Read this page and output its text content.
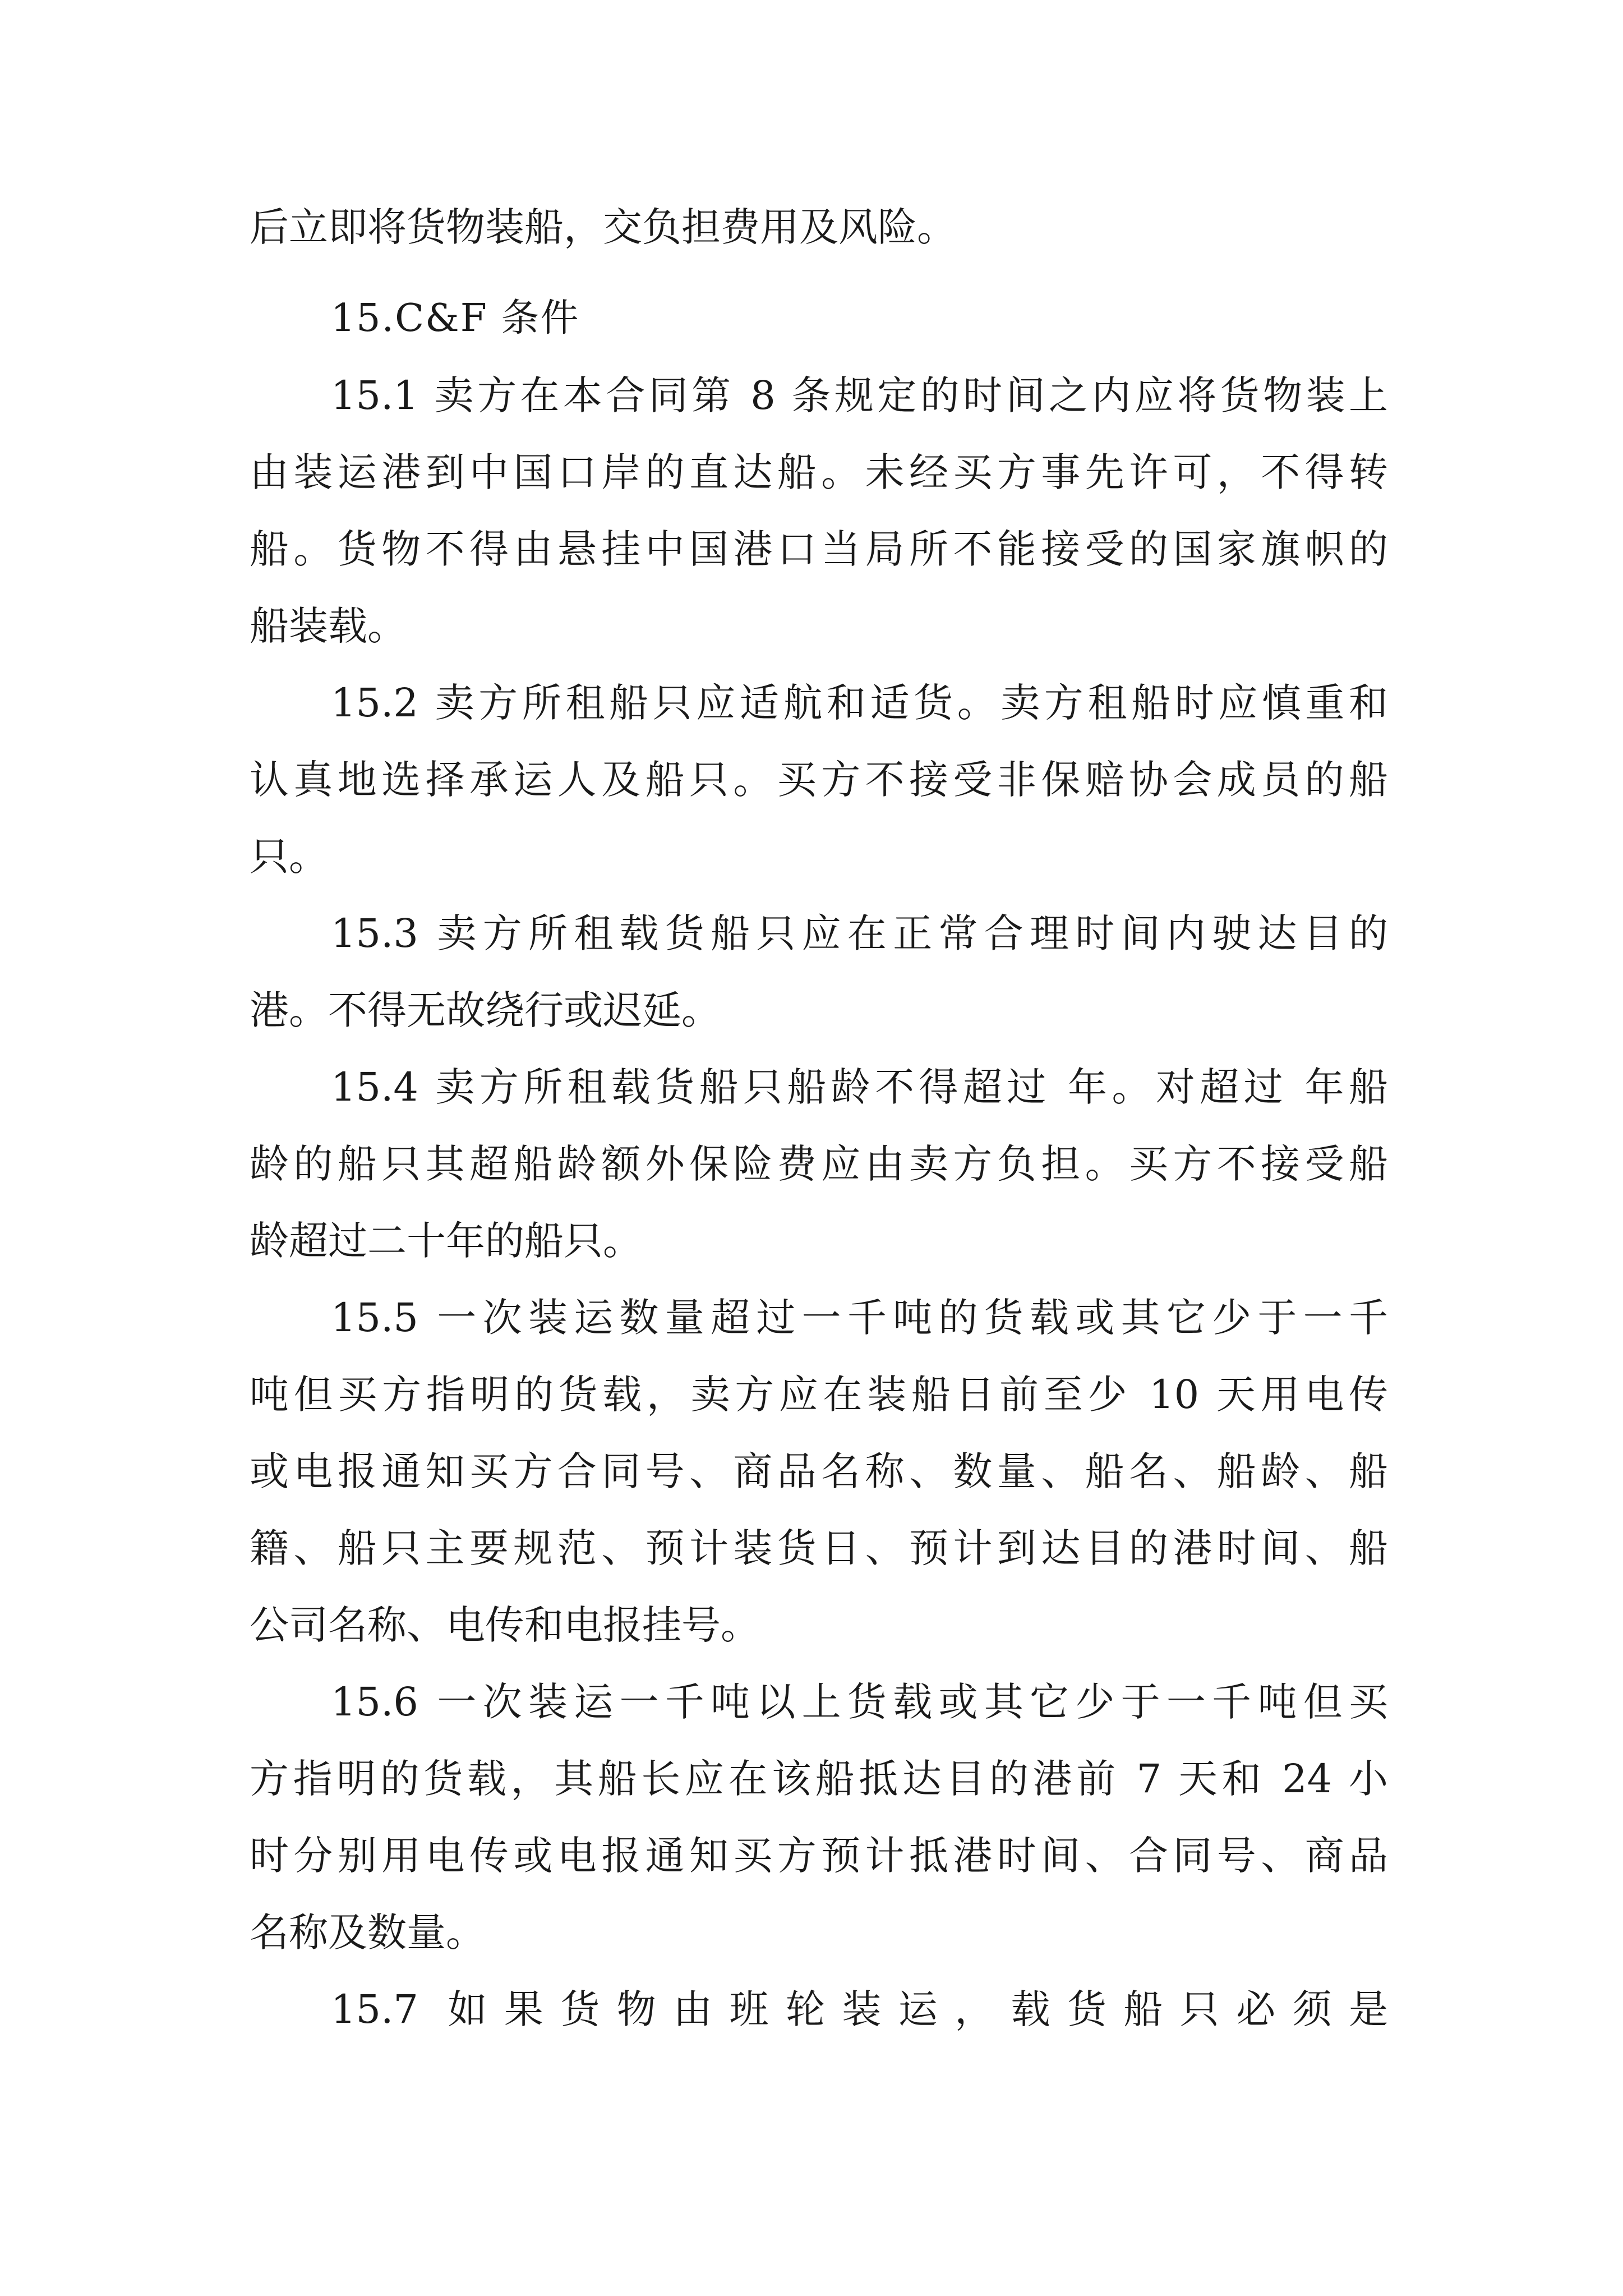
后立即将货物装船，交负担费用及风险。
15.C&F 条件
15.1 卖方在本合同第 8 条规定的时间之内应将货物装上
由装运港到中国口岸的直达船。未经买方事先许可，不得转
船。货物不得由悬挂中国港口当局所不能接受的国家旗帜的
船装载。
15.2 卖方所租船只应适航和适货。卖方租船时应慎重和
认真地选择承运人及船只。买方不接受非保赔协会成员的船
只。
15.3 卖方所租载货船只应在正常合理时间内驶达目的
港。不得无故绕行或迟延。
15.4 卖方所租载货船只船龄不得超过 年。对超过 年船
龄的船只其超船龄额外保险费应由卖方负担。买方不接受船
龄超过二十年的船只。
15.5 一次装运数量超过一千吨的货载或其它少于一千
吨但买方指明的货载，卖方应在装船日前至少 10 天用电传
或电报通知买方合同号、商品名称、数量、船名、船龄、船
籍、船只主要规范、预计装货日、预计到达目的港时间、船
公司名称、电传和电报挂号。
15.6 一次装运一千吨以上货载或其它少于一千吨但买
方指明的货载，其船长应在该船抵达目的港前 7 天和 24 小
时分别用电传或电报通知买方预计抵港时间、合同号、商品
名称及数量。
15.7 如果货物由班轮装运，载货船只必须是
